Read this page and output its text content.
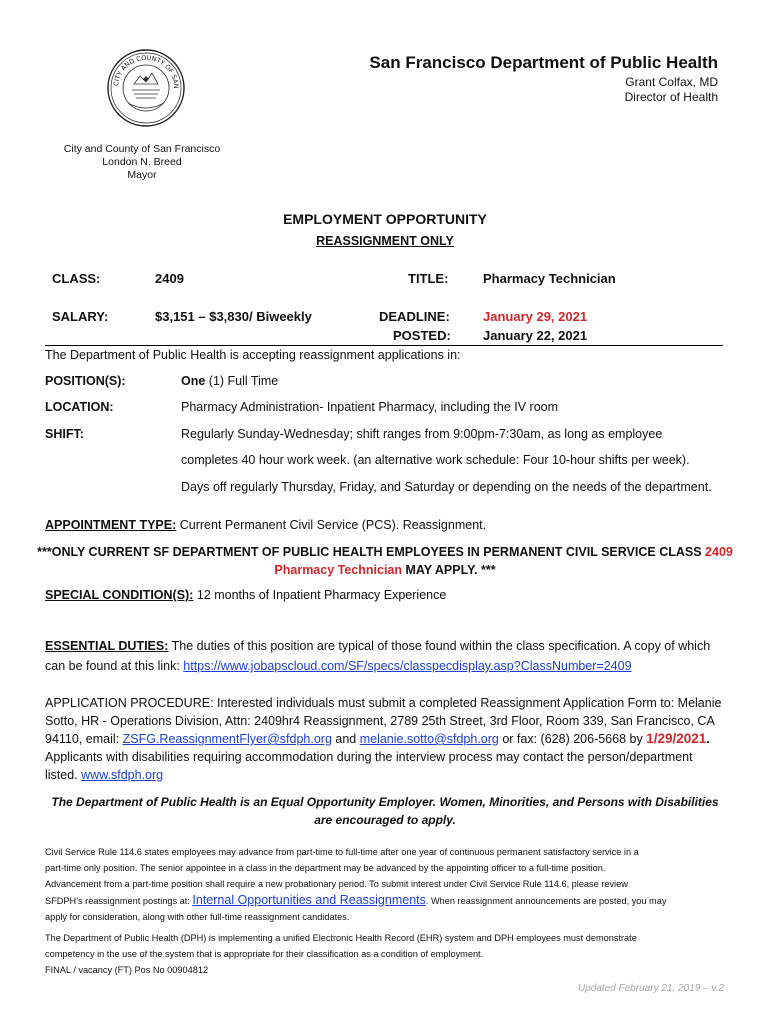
CITY AND COUNTY OF SAN
San Francisco Department of Public Health
Grant Colfax, MD
Director of Health
City and County of San Francisco
London N. Breed
Mayor
EMPLOYMENT OPPORTUNITY
REASSIGNMENT ONLY
CLASS:	2409	TITLE:	Pharmacy Technician
SALARY:	$3,151 – $3,830/ Biweekly	DEADLINE:	January 29, 2021
POSTED: January 22, 2021
The Department of Public Health is accepting reassignment applications in:
POSITION(S):	One (1) Full Time
LOCATION:	Pharmacy Administration- Inpatient Pharmacy, including the IV room
SHIFT:	Regularly Sunday-Wednesday; shift ranges from 9:00pm-7:30am, as long as employee
completes 40 hour work week. (an alternative work schedule: Four 10-hour shifts per week).
Days off regularly Thursday, Friday, and Saturday or depending on the needs of the department.
APPOINTMENT TYPE: Current Permanent Civil Service (PCS). Reassignment.
***ONLY CURRENT SF DEPARTMENT OF PUBLIC HEALTH EMPLOYEES IN PERMANENT CIVIL SERVICE CLASS 2409
Pharmacy Technician MAY APPLY. ***
SPECIAL CONDITION(S): 12 months of Inpatient Pharmacy Experience
ESSENTIAL DUTIES: The duties of this position are typical of those found within the class specification. A copy of which
can be found at this link: https://www.jobapscloud.com/SF/specs/classpecdisplay.asp?ClassNumber=2409
APPLICATION PROCEDURE: Interested individuals must submit a completed Reassignment Application Form to: Melanie
Sotto, HR - Operations Division, Attn: 2409hr4 Reassignment, 2789 25th Street, 3rd Floor, Room 339, San Francisco, CA
94110, email: ZSFG.ReassignmentFlyer@sfdph.org and melanie.sotto@sfdph.org or fax: (628) 206-5668 by 1/29/2021.
Applicants with disabilities requiring accommodation during the interview process may contact the person/department
listed. www.sfdph.org
The Department of Public Health is an Equal Opportunity Employer. Women, Minorities, and Persons with Disabilities
are encouraged to apply.
Civil Service Rule 114.6 states employees may advance from part-time to full-time after one year of continuous permanent satisfactory service in a
part-time only position. The senior appointee in a class in the department may be advanced by the appointing officer to a full-time position.
Advancement from a part-time position shall require a new probationary period. To submit interest under Civil Service Rule 114.6, please review
SFDPH’s reassignment postings at: Internal Opportunities and Reassignments. When reassignment announcements are posted, you may
apply for consideration, along with other full-time reassignment candidates.
The Department of Public Health (DPH) is implementing a unified Electronic Health Record (EHR) system and DPH employees must demonstrate
competency in the use of the system that is appropriate for their classification as a condition of employment.
FINAL / vacancy (FT) Pos No 00904812
Updated February 21, 2019 – v.2
